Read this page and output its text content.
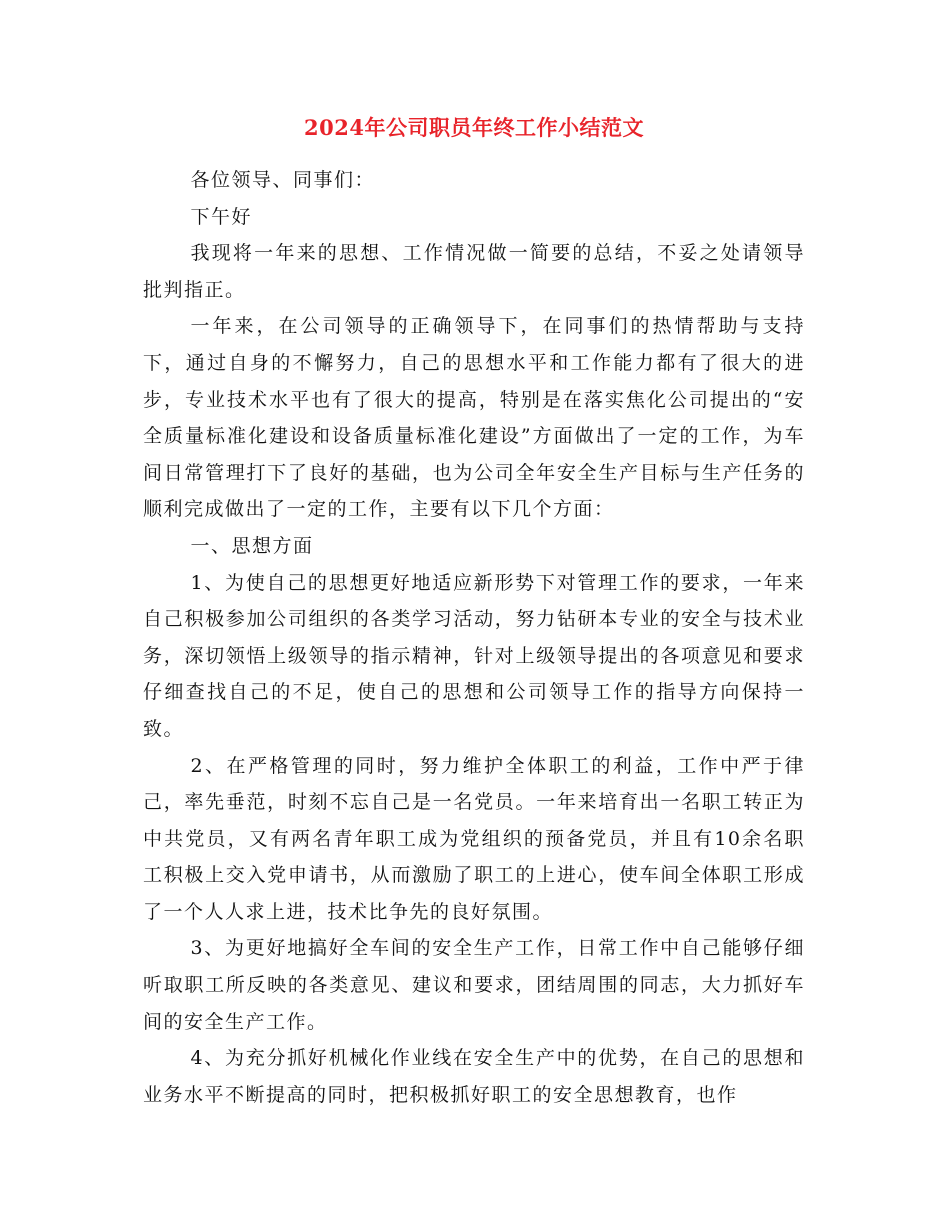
2024年公司职员年终工作小结范文

各位领导、同事们：

下午好

我现将一年来的思想、工作情况做一简要的总结，不妥之处请领导批判指正。

一年来，在公司领导的正确领导下，在同事们的热情帮助与支持下，通过自身的不懈努力，自己的思想水平和工作能力都有了很大的进步，专业技术水平也有了很大的提高，特别是在落实焦化公司提出的“安全质量标准化建设和设备质量标准化建设”方面做出了一定的工作，为车间日常管理打下了良好的基础，也为公司全年安全生产目标与生产任务的顺利完成做出了一定的工作，主要有以下几个方面：

一、思想方面

1、为使自己的思想更好地适应新形势下对管理工作的要求，一年来自己积极参加公司组织的各类学习活动，努力钻研本专业的安全与技术业务，深切领悟上级领导的指示精神，针对上级领导提出的各项意见和要求仔细查找自己的不足，使自己的思想和公司领导工作的指导方向保持一致。

2、在严格管理的同时，努力维护全体职工的利益，工作中严于律己，率先垂范，时刻不忘自己是一名党员。一年来培育出一名职工转正为中共党员，又有两名青年职工成为党组织的预备党员，并且有10余名职工积极上交入党申请书，从而激励了职工的上进心，使车间全体职工形成了一个人人求上进，技术比争先的良好氛围。

3、为更好地搞好全车间的安全生产工作，日常工作中自己能够仔细听取职工所反映的各类意见、建议和要求，团结周围的同志，大力抓好车间的安全生产工作。

4、为充分抓好机械化作业线在安全生产中的优势，在自己的思想和业务水平不断提高的同时，把积极抓好职工的安全思想教育，也作
